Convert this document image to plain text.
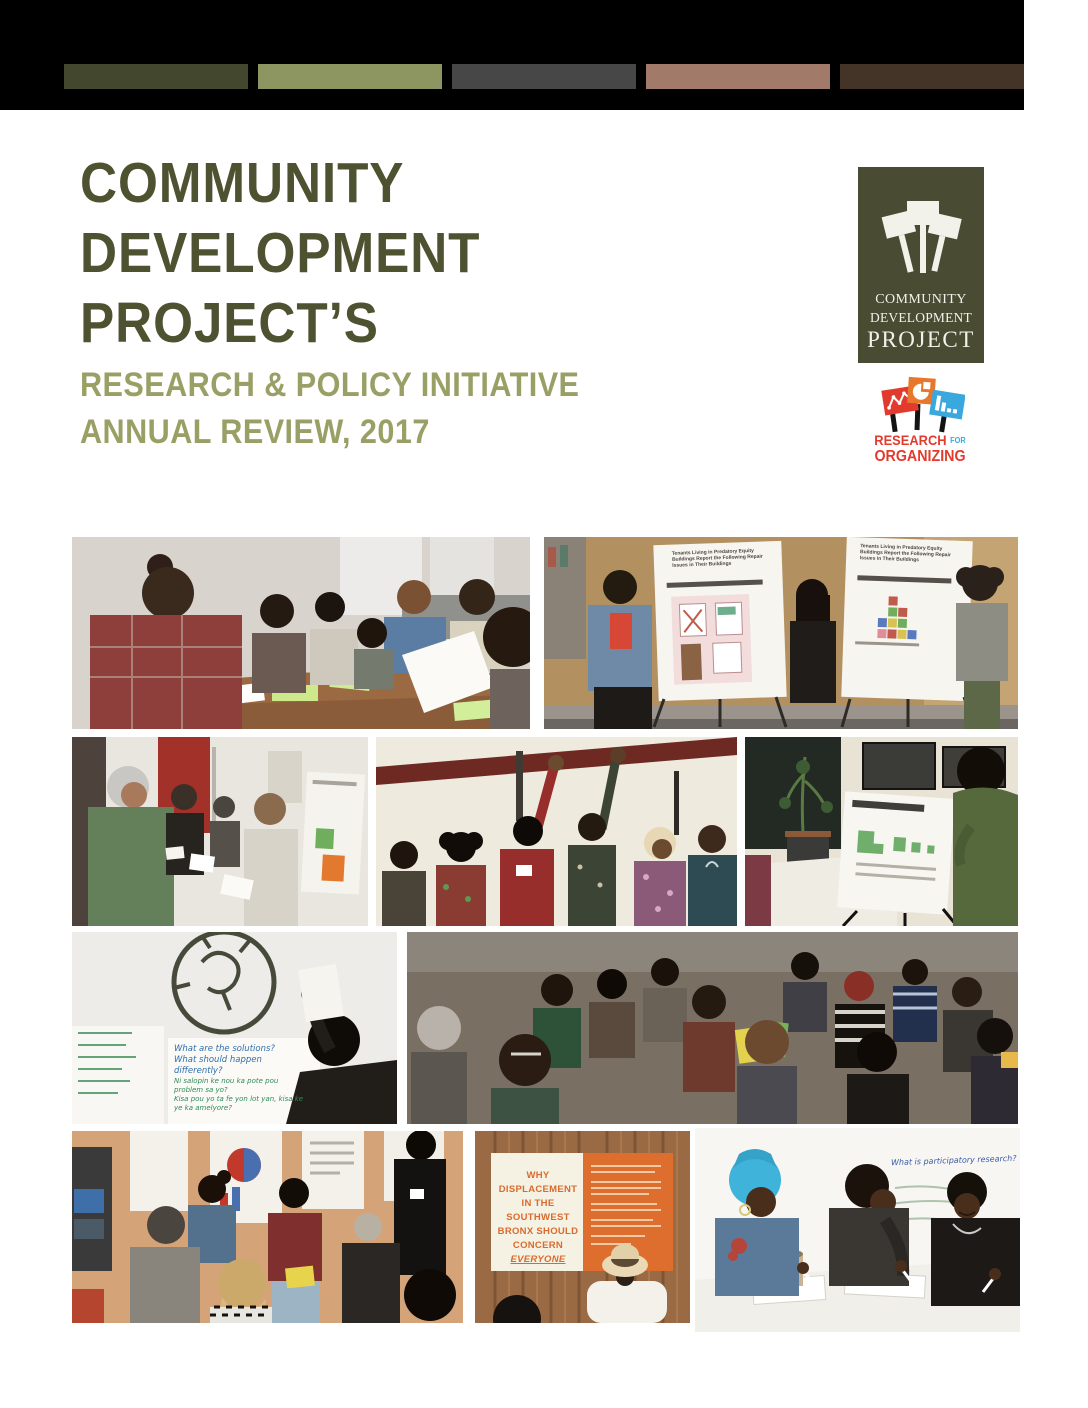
COMMUNITY
DEVELOPMENT
PROJECT’S
RESEARCH & POLICY INITIATIVE
ANNUAL REVIEW, 2017
COMMUNITY
DEVELOPMENT
PROJECT
RESEARCH FOR
ORGANIZING
Tenants Living in Predatory Equity Buildings Report the Following Repair Issues in Their Buildings
Tenants Living in Predatory Equity Buildings Report the Following Repair Issues in Their Buildings
What are the solutions?
What should happen differently?
Ni salopin ke nou ka pote pou problem sa yo?
Kisa pou yo ta fe yon lot yan, kisa ke ye ka amelyore?
WHY
DISPLACEMENT
IN THE
SOUTHWEST
BRONX SHOULD
CONCERN
EVERYONE
What is participatory research?
